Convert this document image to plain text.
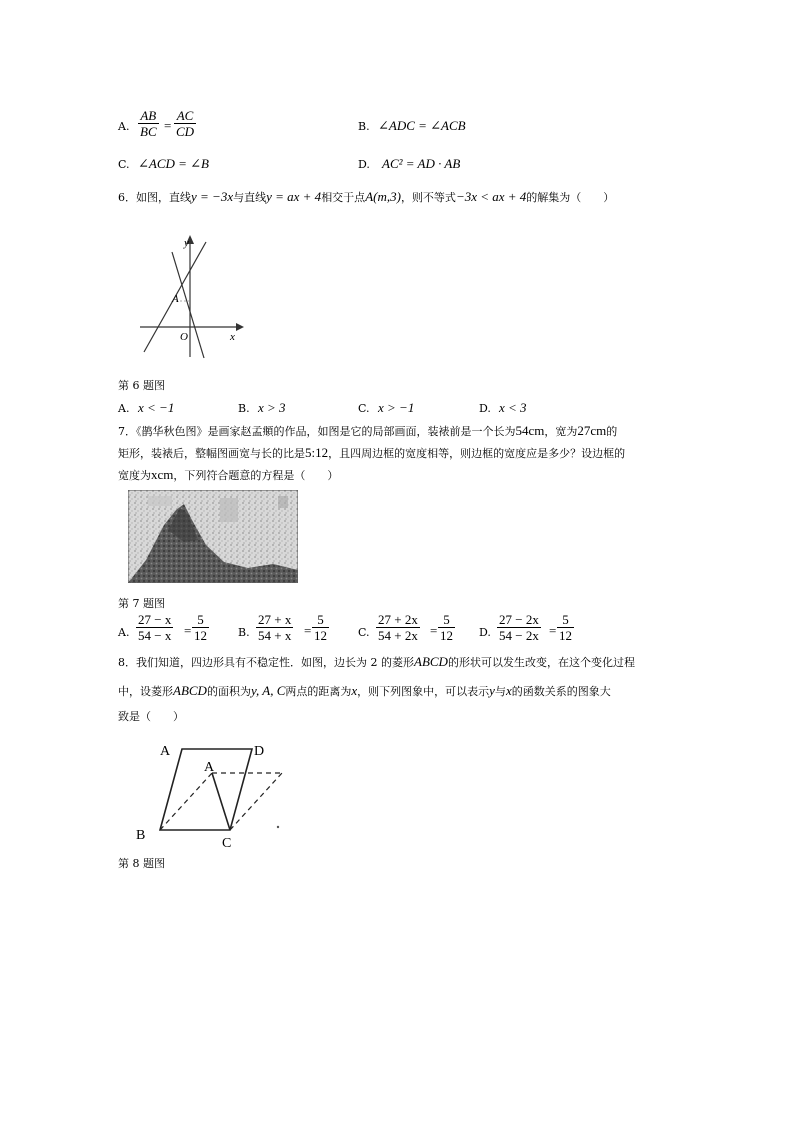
A. $\frac{AB}{BC} = \frac{AC}{CD}$	B. ∠ADC = ∠ACB
C. ∠ACD = ∠B	D. AC² = AD · AB
6．如图，直线y = −3x与直线y = ax + 4相交于点A(m,3)，则不等式−3x < ax + 4的解集为（　　）
y
x
A
O
第 6 题图
A. x < −1	B. x > 3	C. x > −1	D. x < 3
7．《鹊华秋色图》是画家赵孟頫的作品，如图是它的局部画面，装裱前是一个长为54cm，宽为27cm的
矩形，装裱后，整幅图画宽与长的比是5:12，且四周边框的宽度相等，则边框的宽度应是多少？设边框的
宽度为xcm，下列符合题意的方程是（　　）
第 7 题图
A. $\frac{27 - x}{54 - x} = \frac{5}{12}$	B. $\frac{27 + x}{54 + x} = \frac{5}{12}$	C. $\frac{27 + 2x}{54 + 2x} = \frac{5}{12} D$. $\frac{27 - 2x}{54 - 2x} = \frac{5}{12}$
8．我们知道，四边形具有不稳定性．如图，边长为 2 的菱形ABCD的形状可以发生改变，在这个变化过程
中，设菱形ABCD的面积为y, A, C两点的距离为x，则下列图象中，可以表示y与x的函数关系的图象大
致是（　　）
A	D
B
C
A
第 8 题图
